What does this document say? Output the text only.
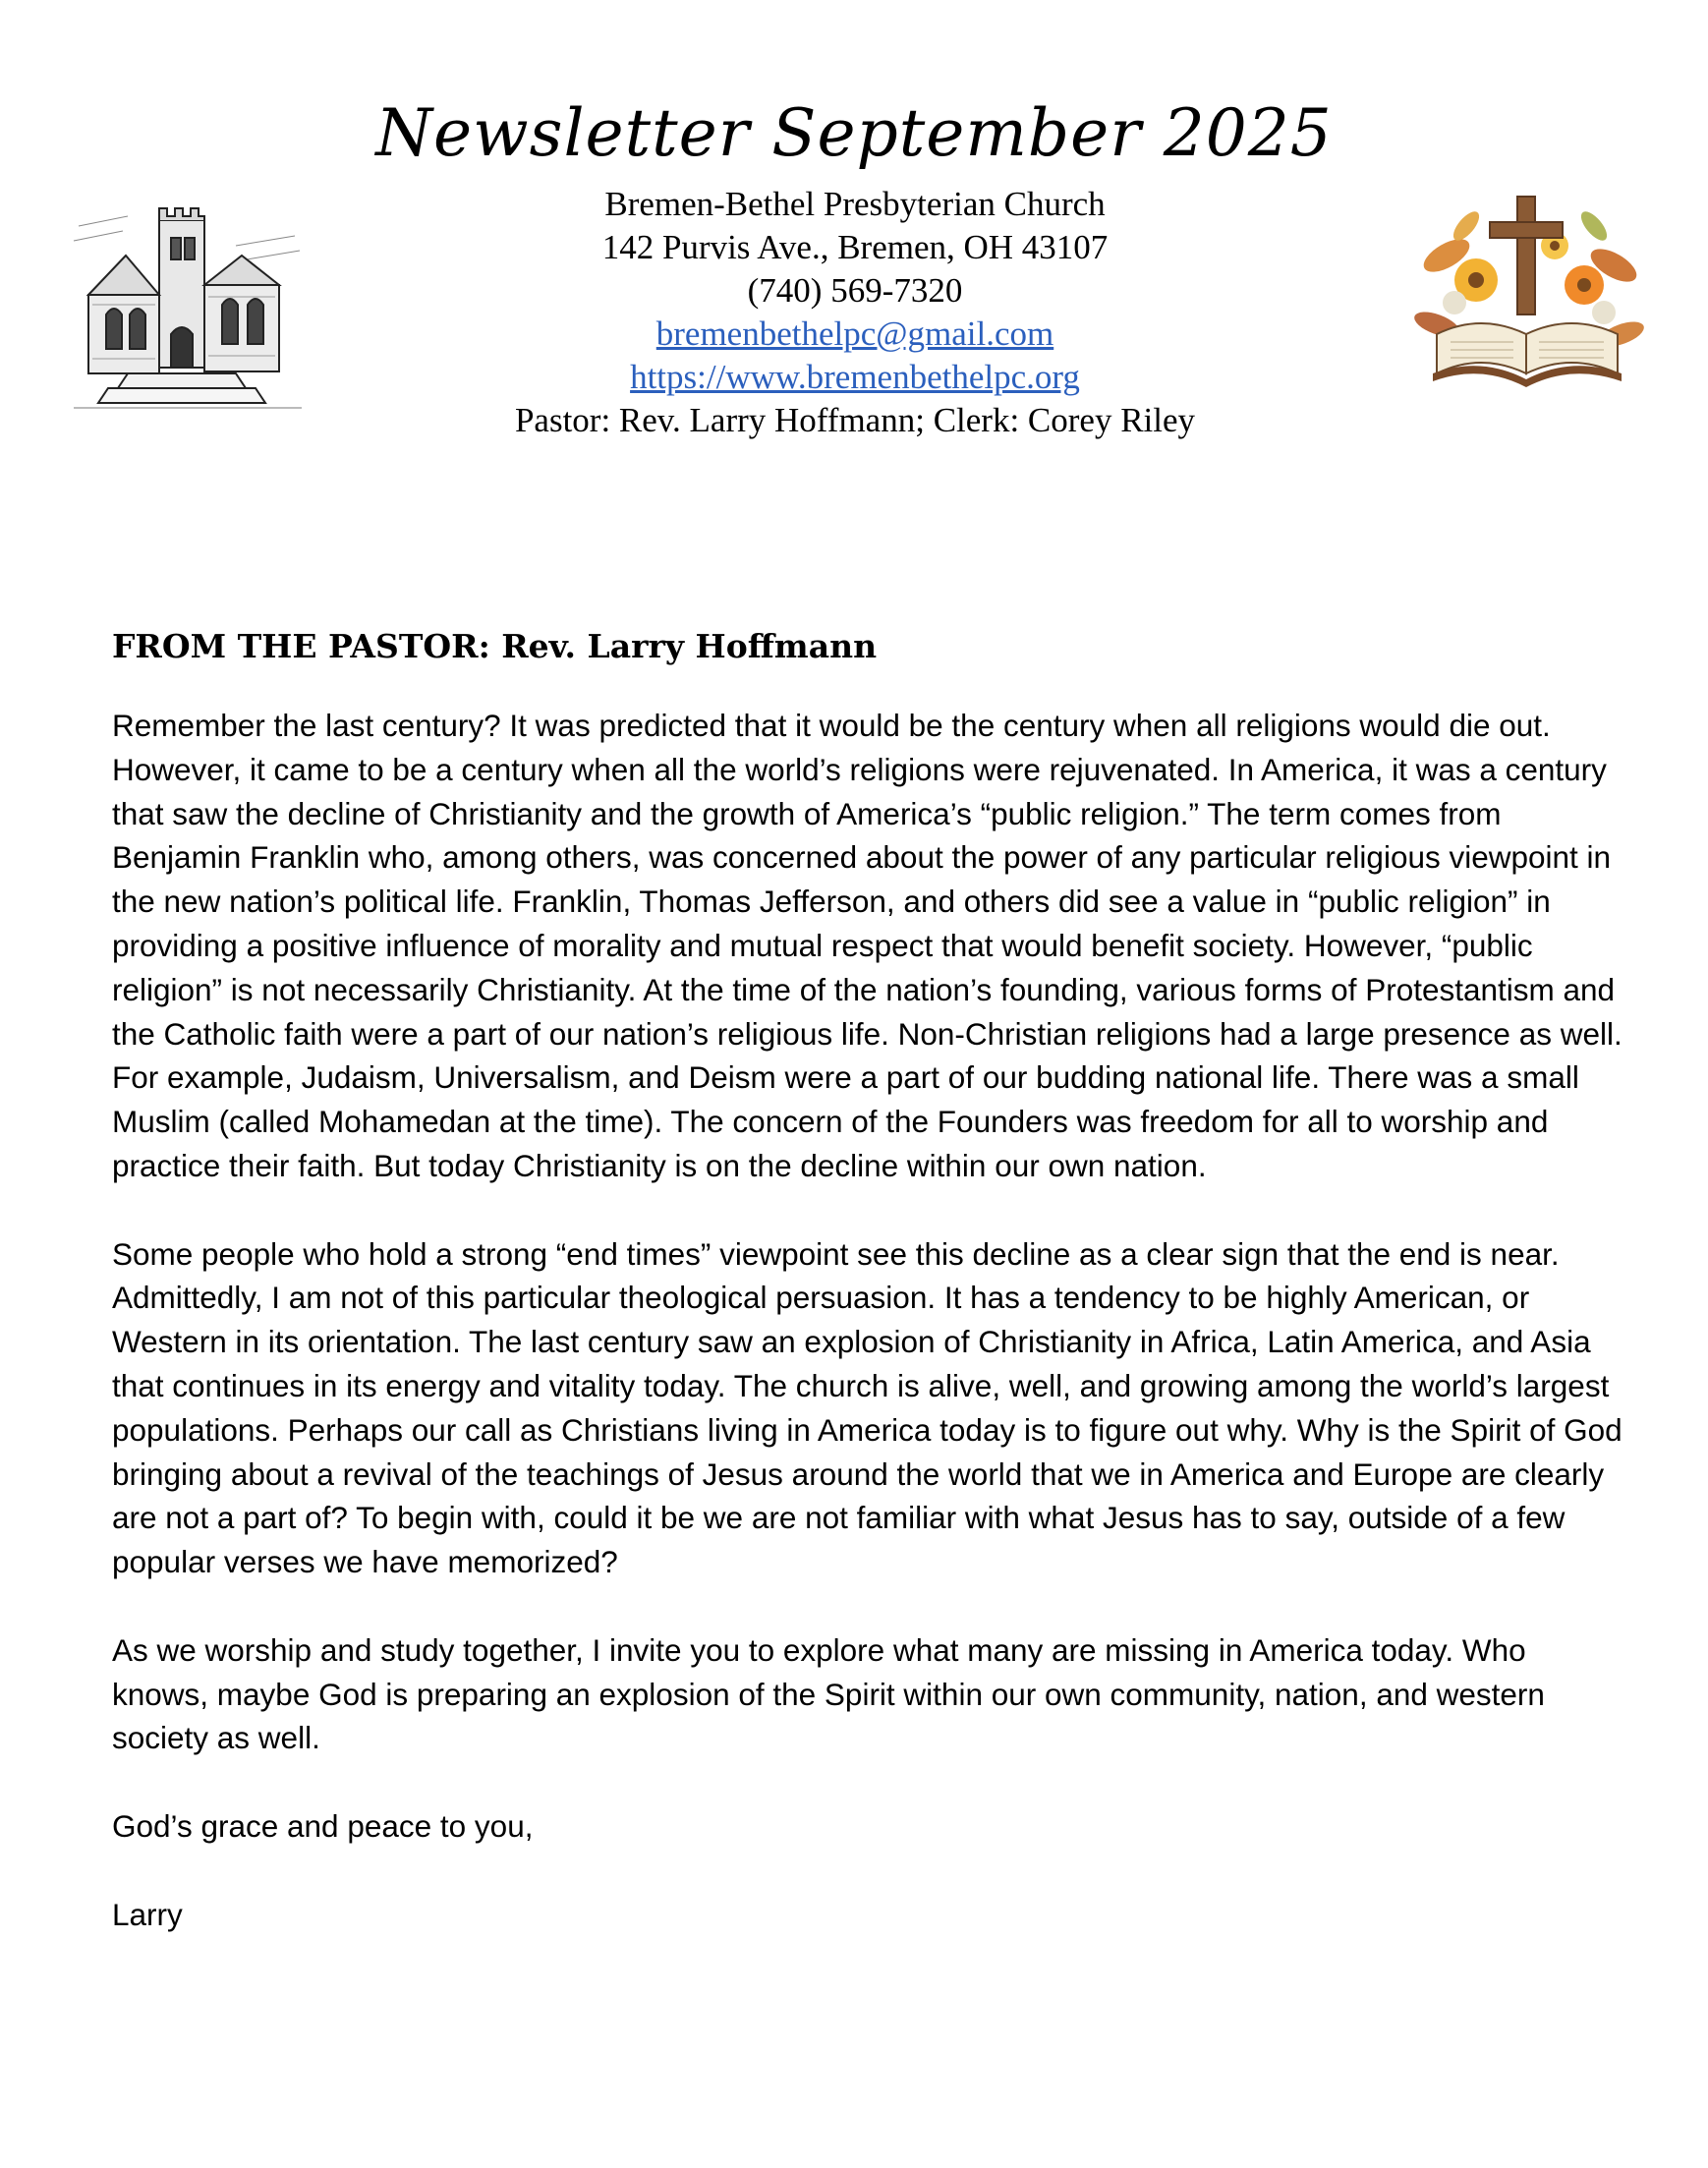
Newsletter September 2025
Bremen-Bethel Presbyterian Church
142 Purvis Ave., Bremen, OH 43107
(740) 569-7320
bremenbethelpc@gmail.com
https://www.bremenbethelpc.org
Pastor: Rev. Larry Hoffmann; Clerk: Corey Riley
FROM THE PASTOR: Rev. Larry Hoffmann

Remember the last century? It was predicted that it would be the century when all religions would die out. However, it came to be a century when all the world’s religions were rejuvenated. In America, it was a century that saw the decline of Christianity and the growth of America’s “public religion.” The term comes from Benjamin Franklin who, among others, was concerned about the power of any particular religious viewpoint in the new nation’s political life. Franklin, Thomas Jefferson, and others did see a value in “public religion” in providing a positive influence of morality and mutual respect that would benefit society. However, “public religion” is not necessarily Christianity. At the time of the nation’s founding, various forms of Protestantism and the Catholic faith were a part of our nation’s religious life. Non-Christian religions had a large presence as well. For example, Judaism, Universalism, and Deism were a part of our budding national life. There was a small Muslim (called Mohamedan at the time). The concern of the Founders was freedom for all to worship and practice their faith. But today Christianity is on the decline within our own nation.

Some people who hold a strong “end times” viewpoint see this decline as a clear sign that the end is near. Admittedly, I am not of this particular theological persuasion. It has a tendency to be highly American, or Western in its orientation. The last century saw an explosion of Christianity in Africa, Latin America, and Asia that continues in its energy and vitality today. The church is alive, well, and growing among the world’s largest populations. Perhaps our call as Christians living in America today is to figure out why. Why is the Spirit of God bringing about a revival of the teachings of Jesus around the world that we in America and Europe are clearly are not a part of? To begin with, could it be we are not familiar with what Jesus has to say, outside of a few popular verses we have memorized?

As we worship and study together, I invite you to explore what many are missing in America today. Who knows, maybe God is preparing an explosion of the Spirit within our own community, nation, and western society as well.

God’s grace and peace to you,

Larry
